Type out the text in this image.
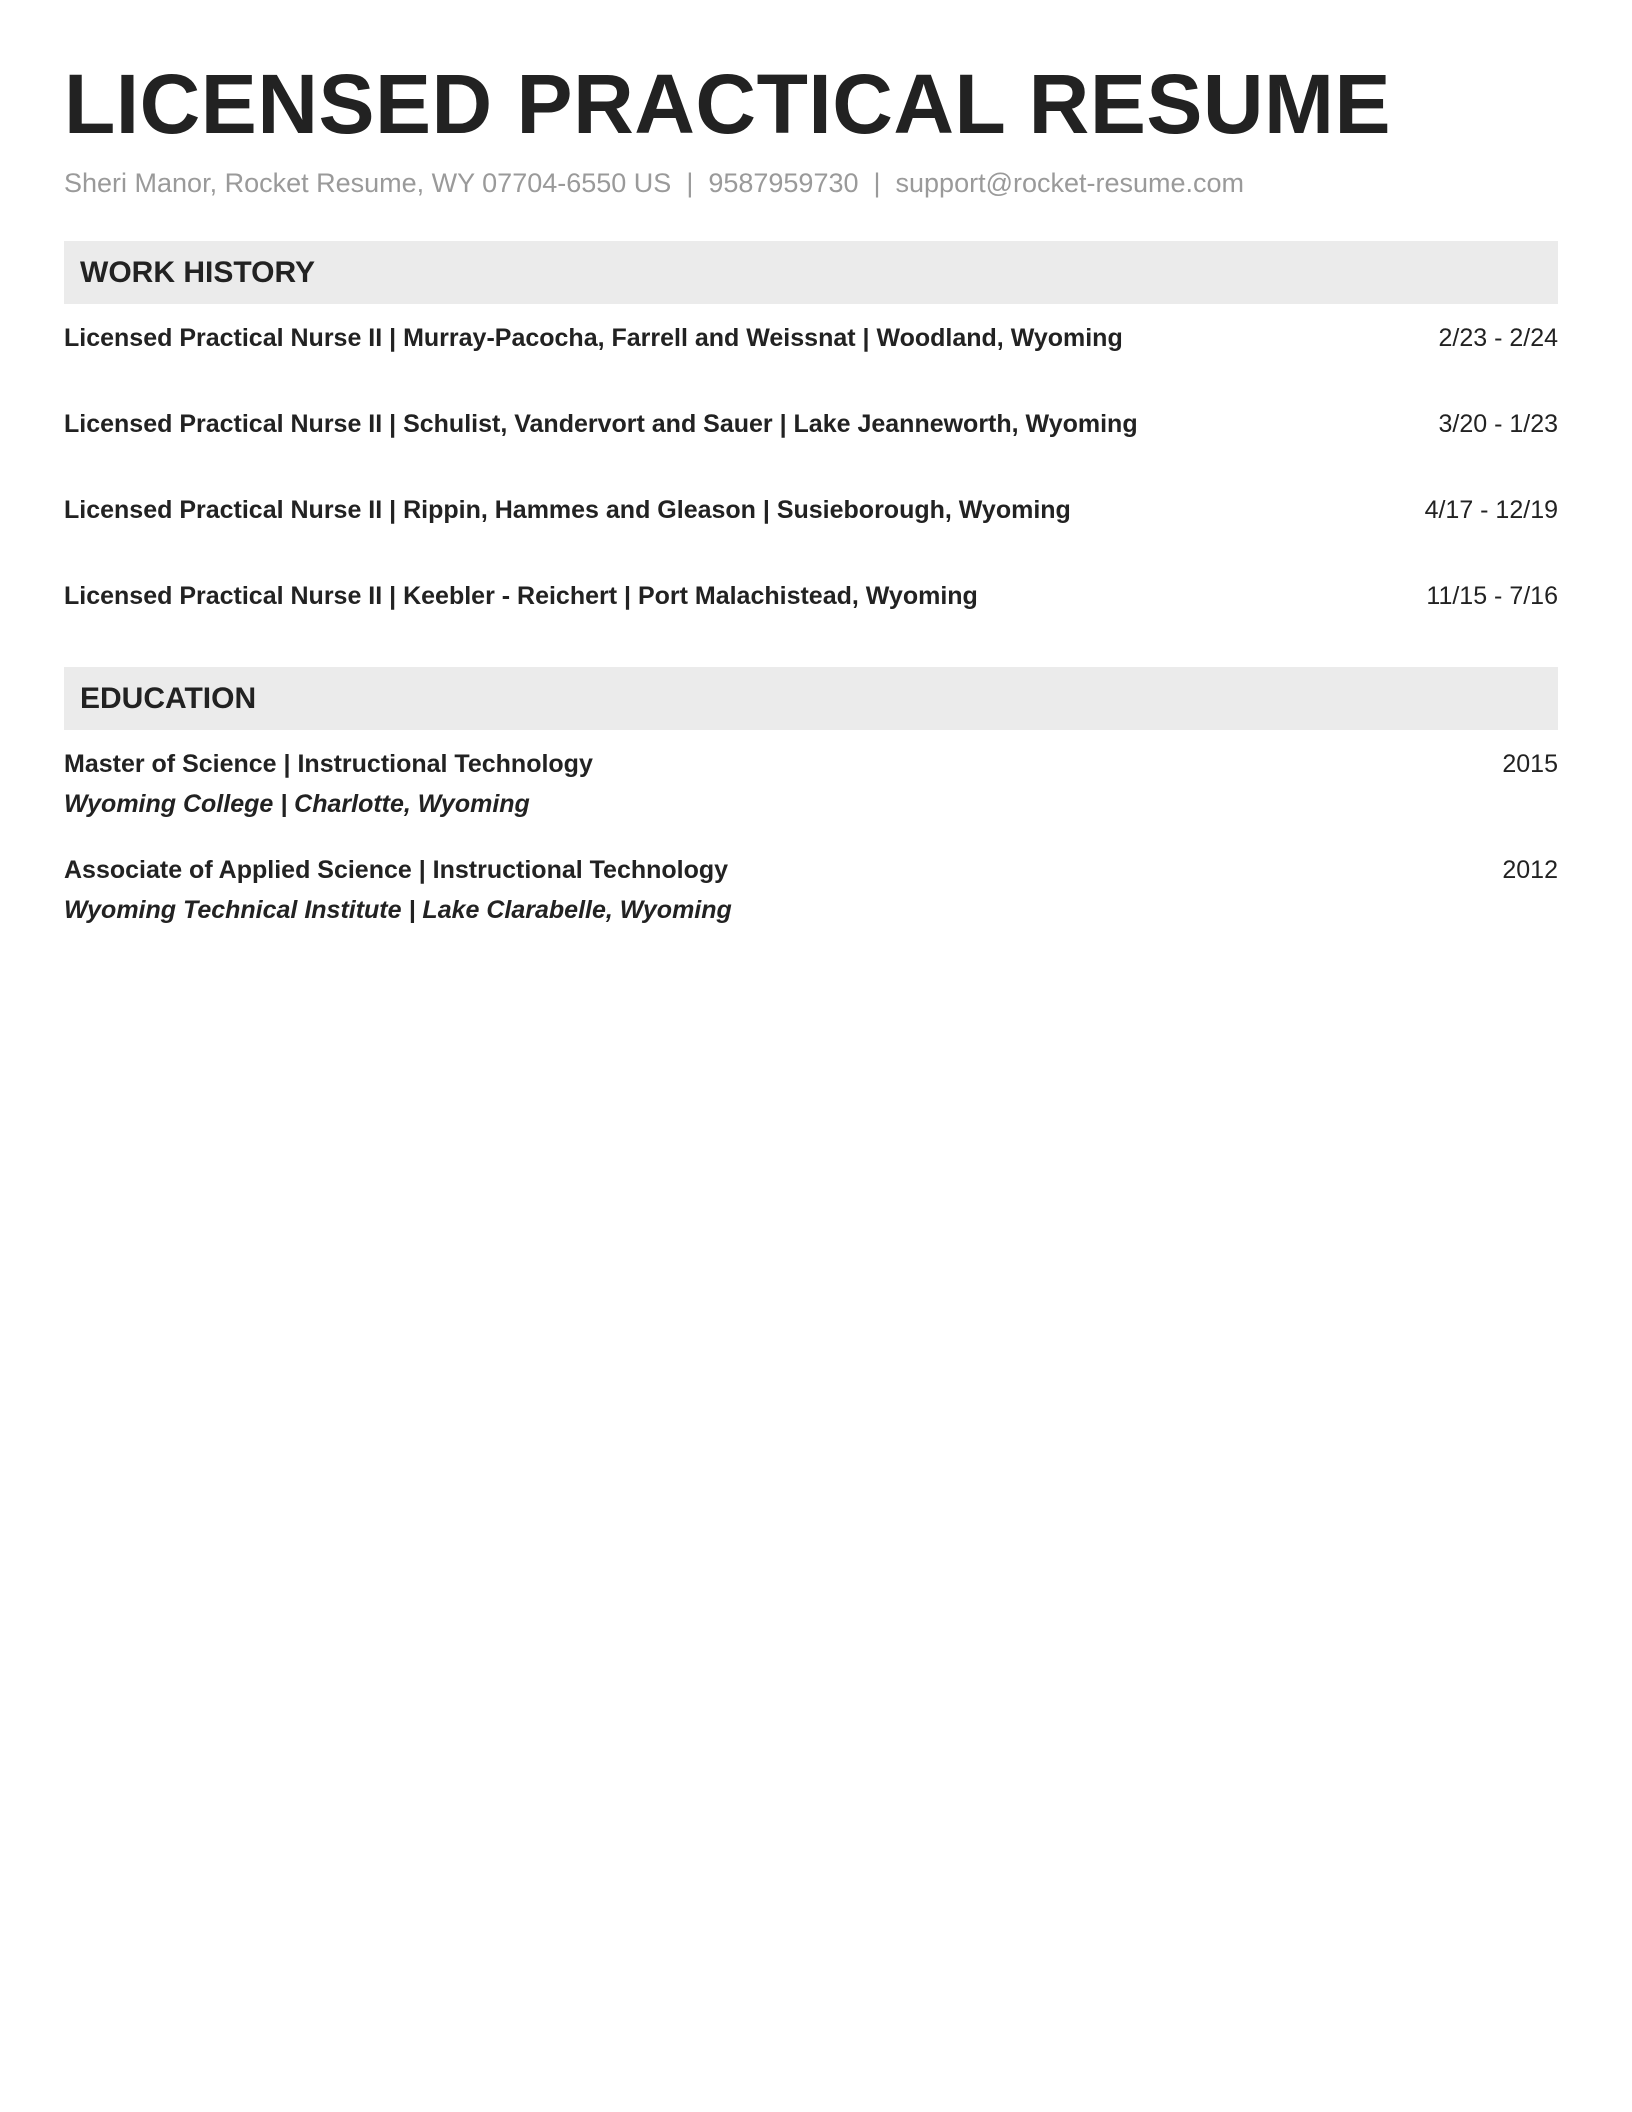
LICENSED PRACTICAL RESUME
Sheri Manor, Rocket Resume, WY 07704-6550 US | 9587959730 | support@rocket-resume.com
WORK HISTORY
Licensed Practical Nurse II | Murray-Pacocha, Farrell and Weissnat | Woodland, Wyoming	2/23 - 2/24
Licensed Practical Nurse II | Schulist, Vandervort and Sauer | Lake Jeanneworth, Wyoming	3/20 - 1/23
Licensed Practical Nurse II | Rippin, Hammes and Gleason | Susieborough, Wyoming	4/17 - 12/19
Licensed Practical Nurse II | Keebler - Reichert | Port Malachistead, Wyoming	11/15 - 7/16
EDUCATION
Master of Science | Instructional Technology	2015
Wyoming College | Charlotte, Wyoming
Associate of Applied Science | Instructional Technology	2012
Wyoming Technical Institute | Lake Clarabelle, Wyoming
